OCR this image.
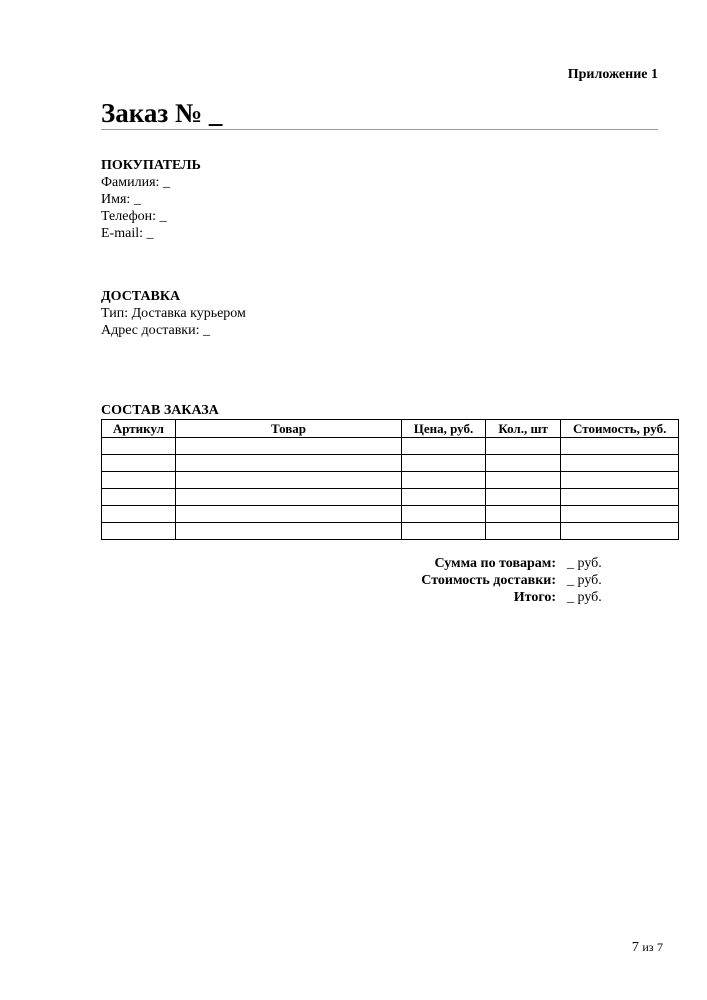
Приложение 1
Заказ № _
ПОКУПАТЕЛЬ
Фамилия: _
Имя: _
Телефон: _
E-mail: _
ДОСТАВКА
Тип: Доставка курьером
Адрес доставки: _
СОСТАВ ЗАКАЗА
Артикул	Товар	Цена, руб.	Кол., шт	Стоимость, руб.

Сумма по товарам: _ руб.
Стоимость доставки: _ руб.
Итого: _ руб.
7 из 7
